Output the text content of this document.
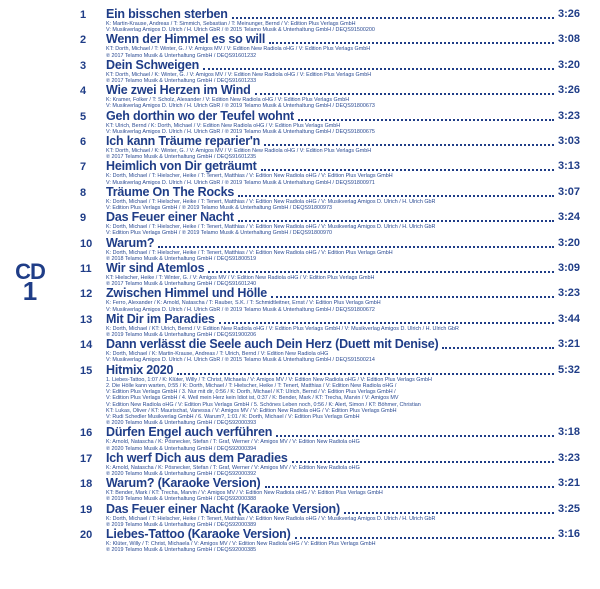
CD
1
1	Ein bisschen sterben	3:26
K: Martin-Krause, Andreas / T: Simmich, Sebastian / T: Meinunger, Bernd / V: Edition Plus Verlags GmbH
V: Musikverlag Amigos D. Ulrich / H. Ulrich GbR / ℗ 2015 Telamo Musik & Unterhaltung GmbH / DEQS91500200
2	Wenn der Himmel es so will	3:08
KT: Dorth, Michael / T: Winter, G. / V: Amigos MV / V: Edition New Radiola oHG / V: Edition Plus Verlags GmbH
℗ 2017 Telamo Musik & Unterhaltung GmbH / DEQS91601232
3	Dein Schweigen	3:20
KT: Dorth, Michael / K: Winter, G. / V: Amigos MV / V: Edition New Radiola oHG / V: Edition Plus Verlags GmbH
℗ 2017 Telamo Musik & Unterhaltung GmbH / DEQS91601233
4	Wie zwei Herzen im Wind	3:26
K: Kramer, Folker / T: Scholz, Alexander / V: Edition New Radiola oHG / V: Edition Plus Verlags GmbH
V: Musikverlag Amigos D. Ulrich / H. Ulrich GbR / ℗ 2019 Telamo Musik & Unterhaltung GmbH / DEQS91800673
5	Geh dorthin wo der Teufel wohnt	3:23
KT: Ulrich, Bernd / K: Dorth, Michael / V: Edition New Radiola oHG / V: Edition Plus Verlags GmbH
V: Musikverlag Amigos D. Ulrich / H. Ulrich GbR / ℗ 2019 Telamo Musik & Unterhaltung GmbH / DEQS91800675
6	Ich kann Träume reparier'n	3:03
KT: Dorth, Michael / K: Winter, G. / V: Amigos MV / V: Edition New Radiola oHG / V: Edition Plus Verlags GmbH
℗ 2017 Telamo Musik & Unterhaltung GmbH / DEQS91601235
7	Heimlich von Dir geträumt	3:13
K: Dorth, Michael / T: Hielscher, Heike / T: Tenert, Matthias / V: Edition New Radiola oHG / V: Edition Plus Verlags GmbH
V: Musikverlag Amigos D. Ulrich / H. Ulrich GbR / ℗ 2019 Telamo Musik & Unterhaltung GmbH / DEQS91800971
8	Träume On The Rocks	3:07
K: Dorth, Michael / T: Hielscher, Heike / T: Tenert, Matthias / V: Edition New Radiola oHG / V: Musikverlag Amigos D. Ulrich / H. Ulrich GbR
V: Edition Plus Verlags GmbH / ℗ 2019 Telamo Musik & Unterhaltung GmbH / DEQS91800973
9	Das Feuer einer Nacht	3:24
K: Dorth, Michael / T: Hielscher, Heike / T: Tenert, Matthias / V: Edition New Radiola oHG / V: Musikverlag Amigos D. Ulrich / H. Ulrich GbR
V: Edition Plus Verlags GmbH / ℗ 2019 Telamo Musik & Unterhaltung GmbH / DEQS91800970
10	Warum?	3:20
K: Dorth, Michael / T: Hielscher, Heike / T: Tenert, Matthias / V: Edition New Radiola oHG / V: Edition Plus Verlags GmbH
℗ 2018 Telamo Musik & Unterhaltung GmbH / DEQS91800519
11	Wir sind Atemlos	3:09
KT: Hielscher, Heike / T: Winter, G. / V: Amigos MV / V: Edition New Radiola oHG / V: Edition Plus Verlags GmbH
℗ 2017 Telamo Musik & Unterhaltung GmbH / DEQS91601240
12	Zwischen Himmel und Hölle	3:23
K: Ferro, Alexander / K: Arnold, Natascha / T: Rauber, S.K. / T: Schmidtleitner, Ernst / V: Edition Plus Verlags GmbH
V: Musikverlag Amigos D. Ulrich / H. Ulrich GbR / ℗ 2019 Telamo Musik & Unterhaltung GmbH / DEQS91800672
13	Mit Dir im Paradies	3:44
K: Dorth, Michael / KT: Ulrich, Bernd / V: Edition New Radiola oHG / V: Edition Plus Verlags GmbH / V: Musikverlag Amigos D. Ulrich / H. Ulrich GbR
℗ 2019 Telamo Musik & Unterhaltung GmbH / DEQS91900206
14	Dann verlässt die Seele auch Dein Herz (Duett mit Denise)	3:21
K: Dorth, Michael / K: Martin-Krause, Andreas / T: Ulrich, Bernd / V: Edition New Radiola oHG
V: Musikverlag Amigos D. Ulrich / H. Ulrich GbR / ℗ 2015 Telamo Musik & Unterhaltung GmbH / DEQS91500214
15	Hitmix 2020	5:32
1. Liebes-Tattoo, 1:07 / K: Klüter, Willy / T: Christ, Michaela / V: Amigos MV / V: Edition New Radiola oHG / V: Edition Plus Verlags GmbH
2. Die Hölle kann warten, 0:55 / K: Dorth, Michael / T: Hielscher, Heike / T: Tenert, Matthias / V: Edition New Radiola oHG /
V: Edition Plus Verlags GmbH / 3. Nur mit dir, 0:56 / K: Dorth, Michael / KT: Ulrich, Bernd / V: Edition Plus Verlags GmbH /
V: Edition Plus Verlags GmbH / 4. Weil mein Herz kein Idiot ist, 0:37 / K: Bender, Mark / KT: Trecha, Marvin / V: Amigos MV
V: Edition New Radiola oHG / V: Edition Plus Verlags GmbH / 5. Schönes Leben noch, 0:56 / K: Alert, Simon / KT: Böhmer, Christian
KT: Lukas, Oliver / KT: Maurischat, Vanessa / V: Amigos MV / V: Edition New Radiola oHG / V: Edition Plus Verlags GmbH
V: Rudi Schedler Musikverlag GmbH / 6. Warum?, 1:01 / K: Dorth, Michael / V: Edition Plus Verlags GmbH
℗ 2020 Telamo Musik & Unterhaltung GmbH / DEQS92000393
16	Dürfen Engel auch verführen	3:18
K: Arnold, Natascha / K: Pösnecker, Stefan / T: Graf, Werner / V: Amigos MV / V: Edition New Radiola oHG
℗ 2020 Telamo Musik & Unterhaltung GmbH / DEQS92000394
17	Ich werf Dich aus dem Paradies	3:23
K: Arnold, Natascha / K: Pösnecker, Stefan / T: Graf, Werner / V: Amigos MV / V: Edition New Radiola oHG
℗ 2020 Telamo Musik & Unterhaltung GmbH / DEQS92000392
18	Warum? (Karaoke Version)	3:21
KT: Bender, Mark / KT: Trecha, Marvin / V: Amigos MV / V: Edition New Radiola oHG / V: Edition Plus Verlags GmbH
℗ 2019 Telamo Musik & Unterhaltung GmbH / DEQS92000388
19	Das Feuer einer Nacht (Karaoke Version)	3:25
K: Dorth, Michael / T: Hielscher, Heike / T: Tenert, Matthias / V: Edition New Radiola oHG / V: Musikverlag Amigos D. Ulrich / H. Ulrich GbR
℗ 2019 Telamo Musik & Unterhaltung GmbH / DEQS92000389
20	Liebes-Tattoo (Karaoke Version)	3:16
K: Klüter, Willy / T: Christ, Michaela / V: Amigos MV / V: Edition New Radiola oHG / V: Edition Plus Verlags GmbH
℗ 2019 Telamo Musik & Unterhaltung GmbH / DEQS92000385
